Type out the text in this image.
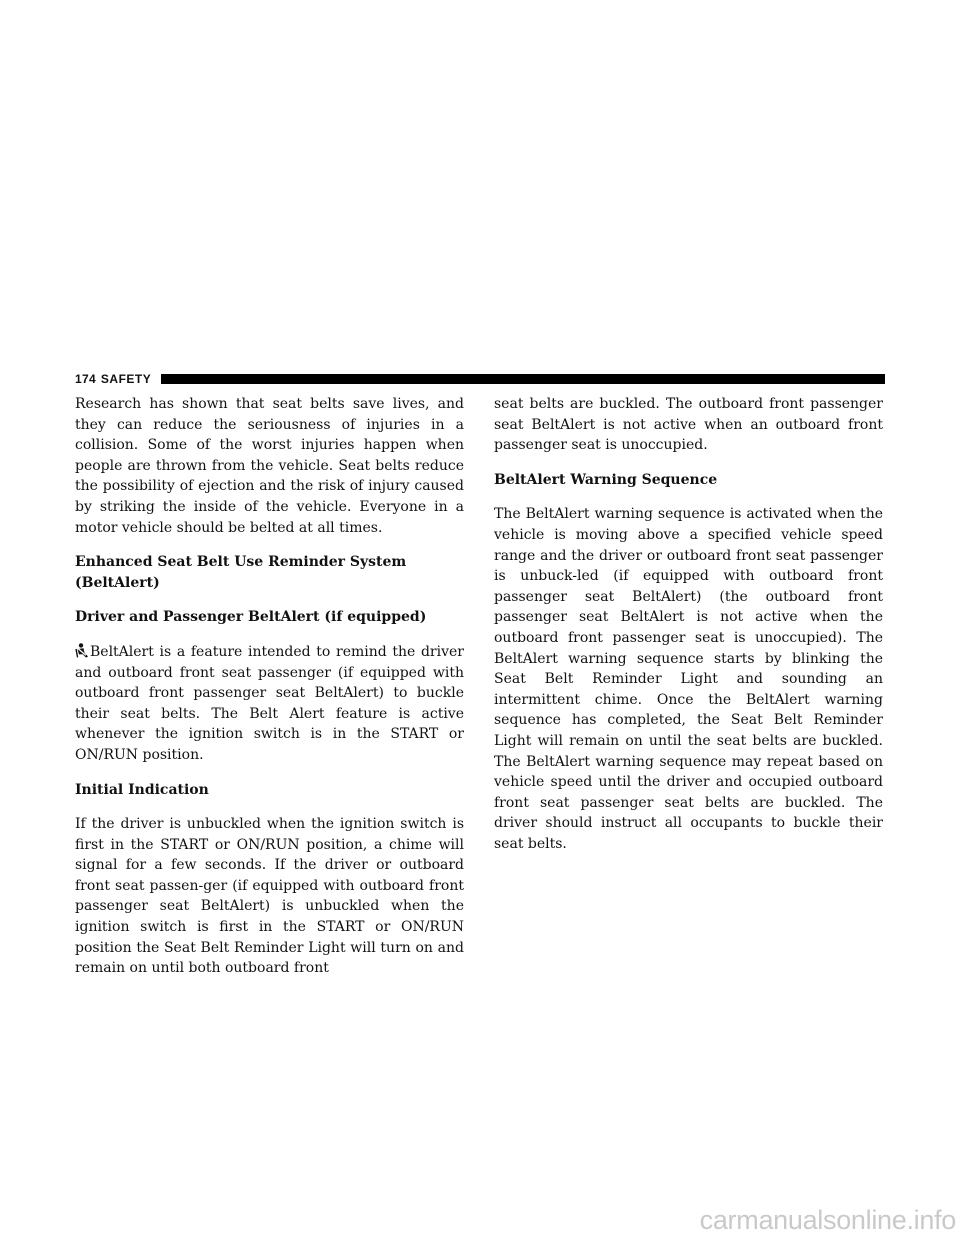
174 SAFETY

Research has shown that seat belts save lives, and they can reduce the seriousness of injuries in a collision. Some of the worst injuries happen when people are thrown from the vehicle. Seat belts reduce the possibility of ejection and the risk of injury caused by striking the inside of the vehicle. Everyone in a motor vehicle should be belted at all times.

Enhanced Seat Belt Use Reminder System (BeltAlert)
Driver and Passenger BeltAlert (if equipped)

BeltAlert is a feature intended to remind the driver and outboard front seat passenger (if equipped with outboard front passenger seat BeltAlert) to buckle their seat belts. The Belt Alert feature is active whenever the ignition switch is in the START or ON/RUN position.

Initial Indication

If the driver is unbuckled when the ignition switch is first in the START or ON/RUN position, a chime will signal for a few seconds. If the driver or outboard front seat passen-ger (if equipped with outboard front passenger seat BeltAlert) is unbuckled when the ignition switch is first in the START or ON/RUN position the Seat Belt Reminder Light will turn on and remain on until both outboard front

seat belts are buckled. The outboard front passenger seat BeltAlert is not active when an outboard front passenger seat is unoccupied.

BeltAlert Warning Sequence

The BeltAlert warning sequence is activated when the vehicle is moving above a specified vehicle speed range and the driver or outboard front seat passenger is unbuck-led (if equipped with outboard front passenger seat BeltAlert) (the outboard front passenger seat BeltAlert is not active when the outboard front passenger seat is unoccupied). The BeltAlert warning sequence starts by blinking the Seat Belt Reminder Light and sounding an intermittent chime. Once the BeltAlert warning sequence has completed, the Seat Belt Reminder Light will remain on until the seat belts are buckled. The BeltAlert warning sequence may repeat based on vehicle speed until the driver and occupied outboard front seat passenger seat belts are buckled. The driver should instruct all occupants to buckle their seat belts.

carmanualsonline.info
